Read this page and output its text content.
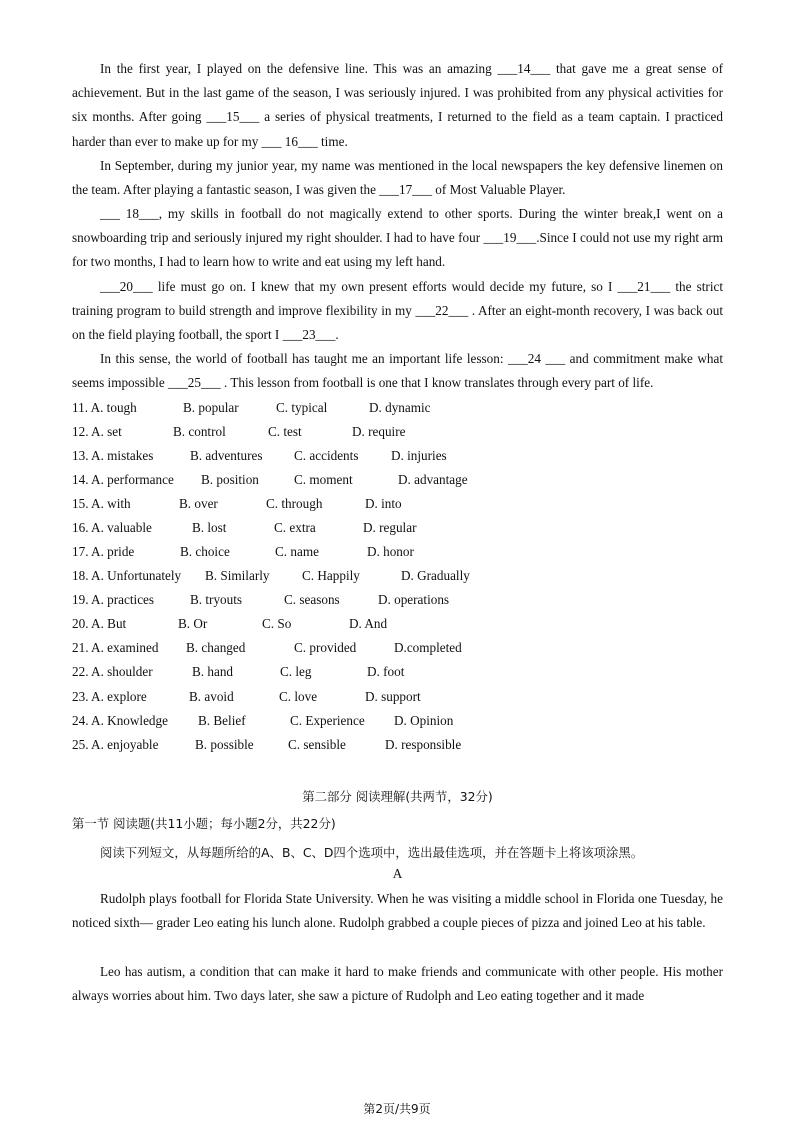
In the first year, I played on the defensive line. This was an amazing ___14___ that gave me a great sense of achievement. But in the last game of the season, I was seriously injured. I was prohibited from any physical activities for six months. After going ___15___ a series of physical treatments, I returned to the field as a team captain. I practiced harder than ever to make up for my ___ 16___ time.

In September, during my junior year, my name was mentioned in the local newspapers the key defensive linemen on the team. After playing a fantastic season, I was given the ___17___ of Most Valuable Player.

___ 18___, my skills in football do not magically extend to other sports. During the winter break,I went on a snowboarding trip and seriously injured my right shoulder. I had to have four ___19___.Since I could not use my right arm for two months, I had to learn how to write and eat using my left hand.

___20___ life must go on. I knew that my own present efforts would decide my future, so I ___21___ the strict training program to build strength and improve flexibility in my ___22___ . After an eight-month recovery, I was back out on the field playing football, the sport I ___23___.

In this sense, the world of football has taught me an important life lesson: ___24 ___ and commitment make what seems impossible ___25___ . This lesson from football is one that I know translates through every part of life.

11. A. tough	B. popular	C. typical	D. dynamic
12. A. set	B. control	C. test	D. require
13. A. mistakes	B. adventures C. accidents D. injuries
14. A. performance B. position	C. moment	D. advantage
15. A. with	B. over	C. through	D. into
16. A. valuable	B. lost	C. extra	D. regular
17. A. pride	B. choice	C. name	D. honor
18. A. Unfortunately B. Similarly C. Happily	D. Gradually
19. A. practices	B. tryouts	C. seasons	D. operations
20. A. But	B. Or	C. So	D. And
21. A. examined B. changed	C. provided	D.completed
22. A. shoulder	B. hand	C. leg	D. foot
23. A. explore	B. avoid	C. love	D. support
24. A. Knowledge B. Belief	C. Experience D. Opinion
25. A. enjoyable	B. possible	C. sensible	D. responsible
第二部分 阅读理解(共两节，32分)
第一节 阅读题(共11小题；每小题2分，共22分)
阅读下列短文，从每题所给的A、B、C、D四个选项中，选出最佳选项，并在答题卡上将该项涂黑。
A

Rudolph plays football for Florida State University. When he was visiting a middle school in Florida one Tuesday, he noticed sixth— grader Leo eating his lunch alone. Rudolph grabbed a couple pieces of pizza and joined Leo at his table.

Leo has autism, a condition that can make it hard to make friends and communicate with other people. His mother always worries about him. Two days later, she saw a picture of Rudolph and Leo eating together and it made

第2页/共9页
